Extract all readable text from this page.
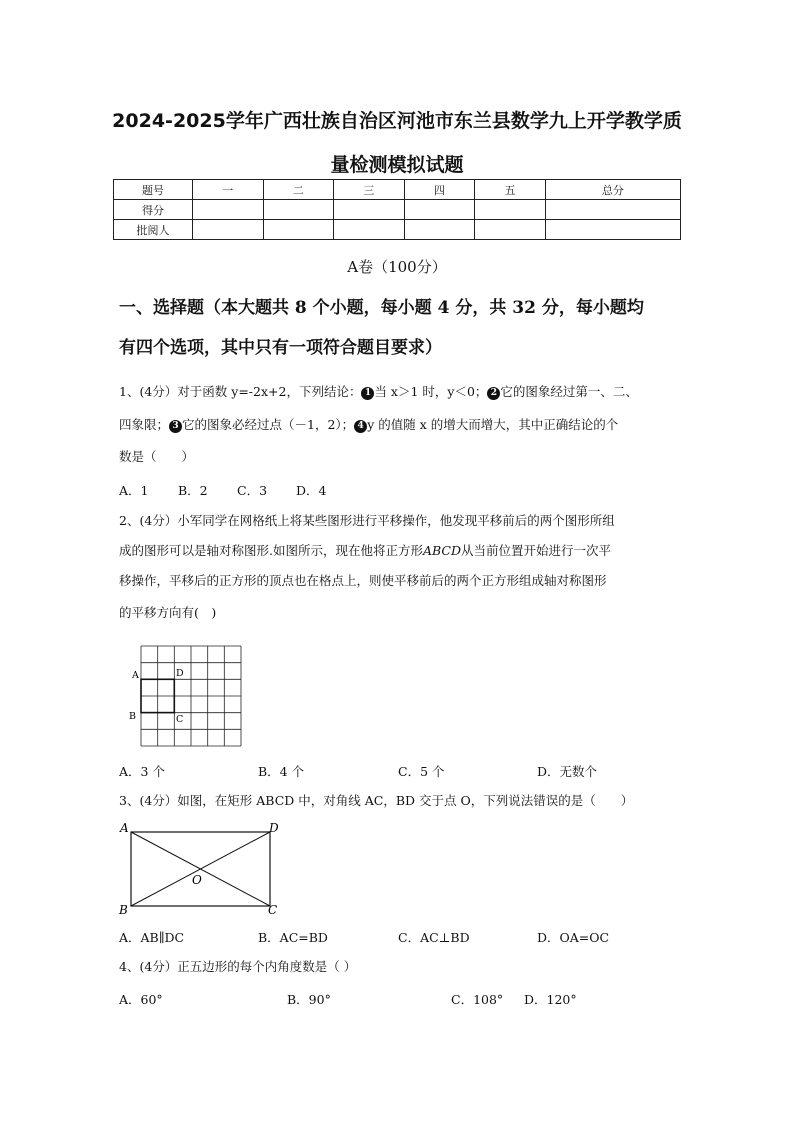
2024-2025学年广西壮族自治区河池市东兰县数学九上开学教学质
量检测模拟试题
题号	一	二	三	四	五	总分
得分						
批阅人						
A卷（100分）
一、选择题（本大题共 8 个小题，每小题 4 分，共 32 分，每小题均
有四个选项，其中只有一项符合题目要求）
1、(4分）对于函数 y=-2x+2，下列结论： 1 当 x＞1 时，y＜0； 2 它的图象经过第一、二、
四象限； 3 它的图象必经过点（－1，2）； 4 y 的值随 x 的增大而增大，其中正确结论的个
数是（　　）
A．1 B．2 C．3 D．4
2、(4分）小军同学在网格纸上将某些图形进行平移操作，他发现平移前后的两个图形所组
成的图形可以是轴对称图形.如图所示，现在他将正方形ABCD从当前位置开始进行一次平
移操作，平移后的正方形的顶点也在格点上，则使平移前后的两个正方形组成轴对称图形
的平移方向有(　)
A	D
B	C
A．3 个	B．4 个	C．5 个	D．无数个
3、(4分）如图，在矩形 ABCD 中，对角线 AC，BD 交于点 O，下列说法错误的是（　　）
A	D
B	C
O
A．AB∥DC	B．AC=BD	C．AC⊥BD	D．OA=OC
4、(4分）正五边形的每个内角度数是（ ）
A．60°	B．90°	C．108° D．120°
